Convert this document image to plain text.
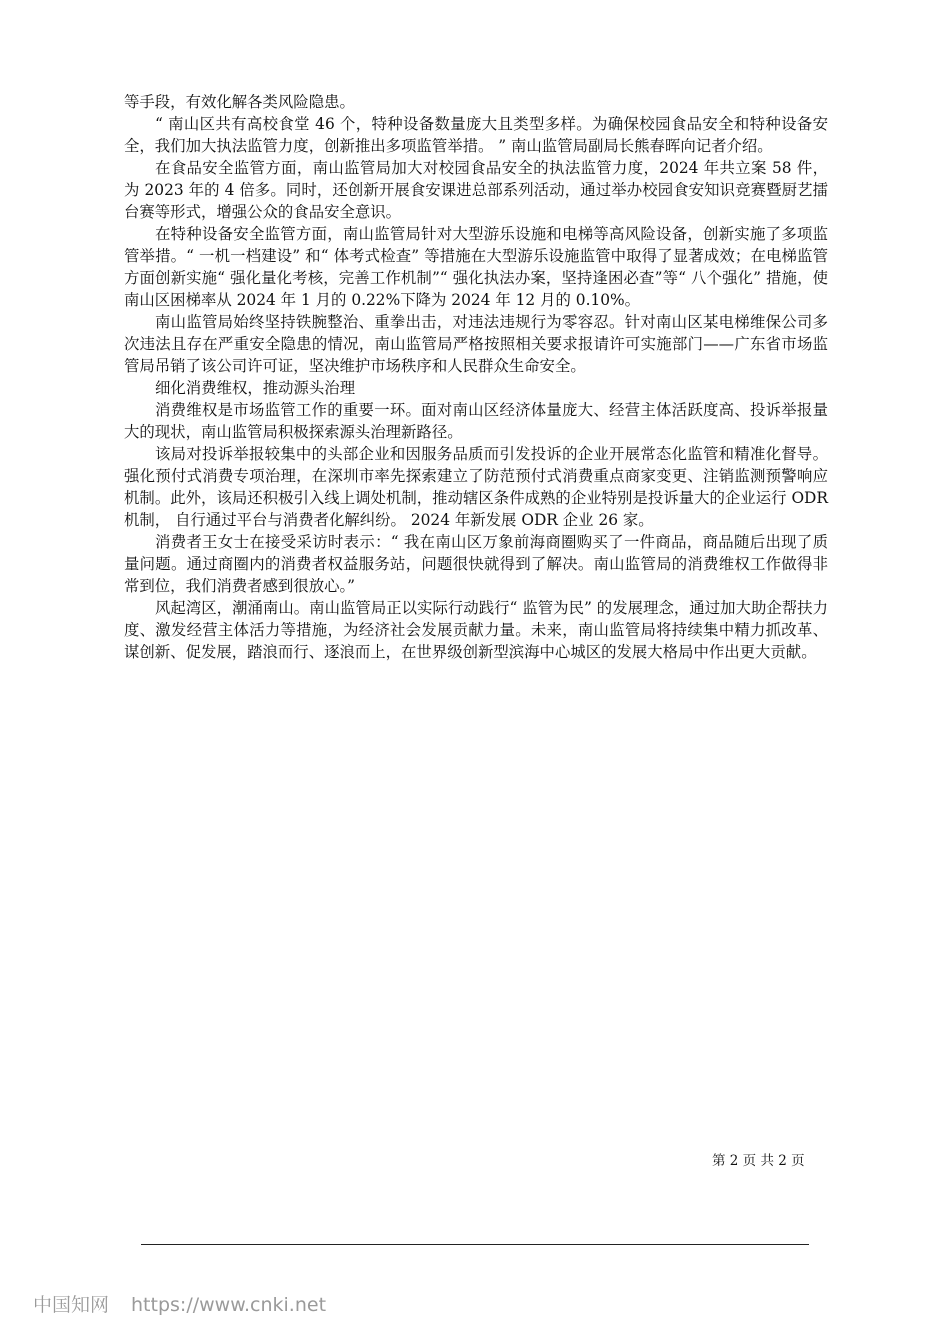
等手段，有效化解各类风险隐患。

“ 南山区共有高校食堂 46 个，特种设备数量庞大且类型多样。为确保校园食品安全和特种设备安全，我们加大执法监管力度，创新推出多项监管举措。 ” 南山监管局副局长熊春晖向记者介绍。

在食品安全监管方面，南山监管局加大对校园食品安全的执法监管力度，2024 年共立案 58 件，为 2023 年的 4 倍多。同时，还创新开展食安课进总部系列活动，通过举办校园食安知识竞赛暨厨艺擂台赛等形式，增强公众的食品安全意识。

在特种设备安全监管方面，南山监管局针对大型游乐设施和电梯等高风险设备，创新实施了多项监管举措。“ 一机一档建设” 和“ 体考式检查” 等措施在大型游乐设施监管中取得了显著成效；在电梯监管方面创新实施“ 强化量化考核，完善工作机制”“ 强化执法办案，坚持逢困必查”等“ 八个强化” 措施，使南山区困梯率从 2024 年 1 月的 0.22%下降为 2024 年 12 月的 0.10%。

南山监管局始终坚持铁腕整治、重拳出击，对违法违规行为零容忍。针对南山区某电梯维保公司多次违法且存在严重安全隐患的情况，南山监管局严格按照相关要求报请许可实施部门——广东省市场监管局吊销了该公司许可证，坚决维护市场秩序和人民群众生命安全。

细化消费维权，推动源头治理

消费维权是市场监管工作的重要一环。面对南山区经济体量庞大、经营主体活跃度高、投诉举报量大的现状，南山监管局积极探索源头治理新路径。

该局对投诉举报较集中的头部企业和因服务品质而引发投诉的企业开展常态化监管和精准化督导。强化预付式消费专项治理，在深圳市率先探索建立了防范预付式消费重点商家变更、注销监测预警响应机制。此外，该局还积极引入线上调处机制，推动辖区条件成熟的企业特别是投诉量大的企业运行 ODR 机制， 自行通过平台与消费者化解纠纷。 2024 年新发展 ODR 企业 26 家。

消费者王女士在接受采访时表示：“ 我在南山区万象前海商圈购买了一件商品，商品随后出现了质量问题。通过商圈内的消费者权益服务站，问题很快就得到了解决。南山监管局的消费维权工作做得非常到位，我们消费者感到很放心。”

风起湾区，潮涌南山。南山监管局正以实际行动践行“ 监管为民” 的发展理念，通过加大助企帮扶力度、激发经营主体活力等措施，为经济社会发展贡献力量。未来，南山监管局将持续集中精力抓改革、谋创新、促发展，踏浪而行、逐浪而上，在世界级创新型滨海中心城区的发展大格局中作出更大贡献。

第 2 页 共 2 页
中国知网 https://www.cnki.net
